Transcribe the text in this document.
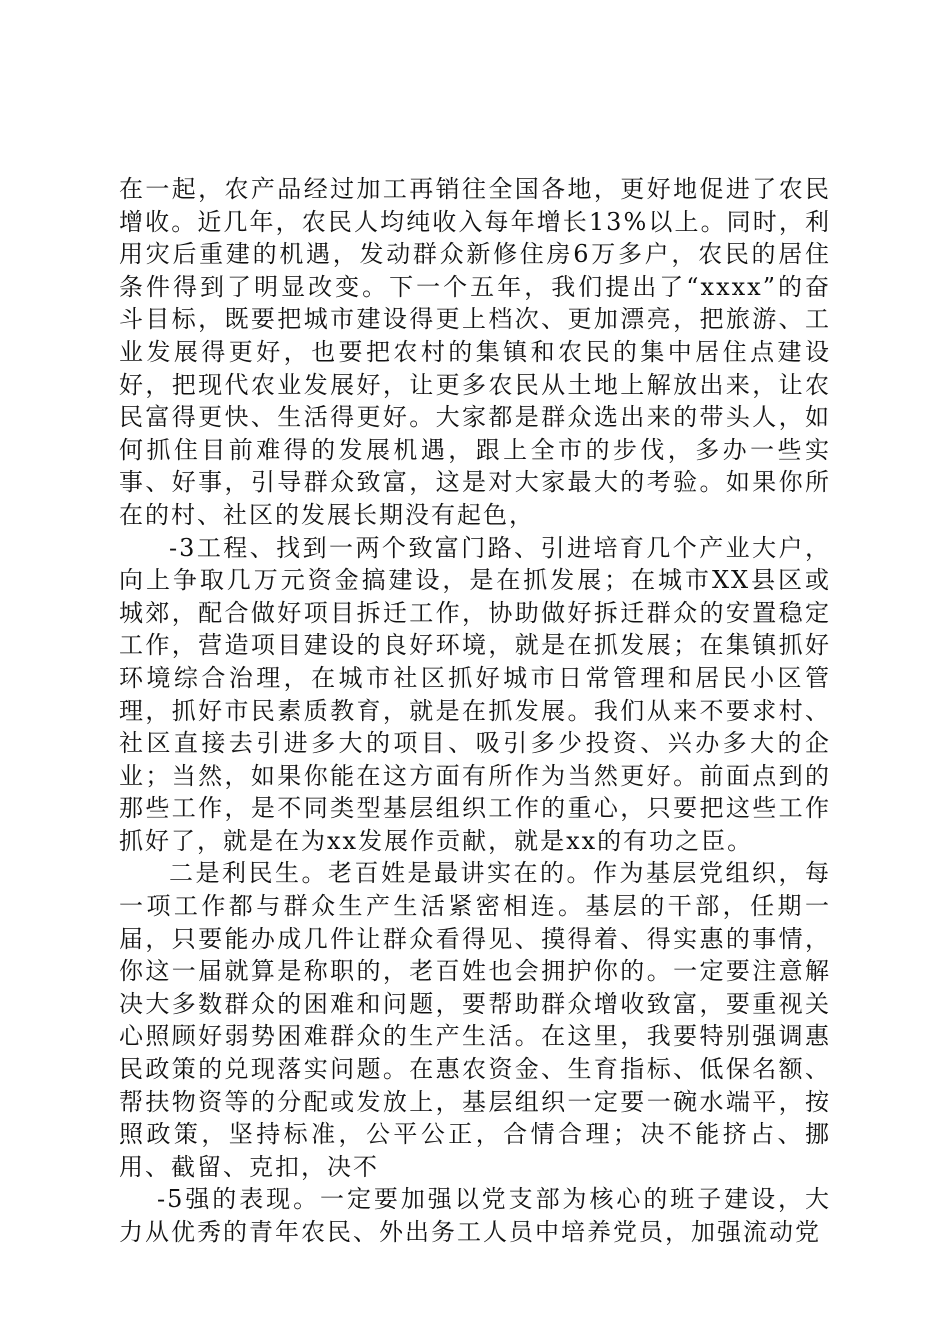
在一起，农产品经过加工再销往全国各地，更好地促进了农民增收。近几年，农民人均纯收入每年增长13%以上。同时，利用灾后重建的机遇，发动群众新修住房6万多户，农民的居住条件得到了明显改变。下一个五年，我们提出了“xxxx”的奋斗目标，既要把城市建设得更上档次、更加漂亮，把旅游、工业发展得更好，也要把农村的集镇和农民的集中居住点建设好，把现代农业发展好，让更多农民从土地上解放出来，让农民富得更快、生活得更好。大家都是群众选出来的带头人，如何抓住目前难得的发展机遇，跟上全市的步伐，多办一些实事、好事，引导群众致富，这是对大家最大的考验。如果你所在的村、社区的发展长期没有起色，

-3工程、找到一两个致富门路、引进培育几个产业大户，向上争取几万元资金搞建设，是在抓发展；在城市XX县区或城郊，配合做好项目拆迁工作，协助做好拆迁群众的安置稳定工作，营造项目建设的良好环境，就是在抓发展；在集镇抓好环境综合治理，在城市社区抓好城市日常管理和居民小区管理，抓好市民素质教育，就是在抓发展。我们从来不要求村、社区直接去引进多大的项目、吸引多少投资、兴办多大的企业；当然，如果你能在这方面有所作为当然更好。前面点到的那些工作，是不同类型基层组织工作的重心，只要把这些工作抓好了，就是在为xx发展作贡献，就是xx的有功之臣。

二是利民生。老百姓是最讲实在的。作为基层党组织，每一项工作都与群众生产生活紧密相连。基层的干部，任期一届，只要能办成几件让群众看得见、摸得着、得实惠的事情，你这一届就算是称职的，老百姓也会拥护你的。一定要注意解决大多数群众的困难和问题，要帮助群众增收致富，要重视关心照顾好弱势困难群众的生产生活。在这里，我要特别强调惠民政策的兑现落实问题。在惠农资金、生育指标、低保名额、帮扶物资等的分配或发放上，基层组织一定要一碗水端平，按照政策，坚持标准，公平公正，合情合理；决不能挤占、挪用、截留、克扣，决不

-5强的表现。一定要加强以党支部为核心的班子建设，大力从优秀的青年农民、外出务工人员中培养党员，加强流动党
